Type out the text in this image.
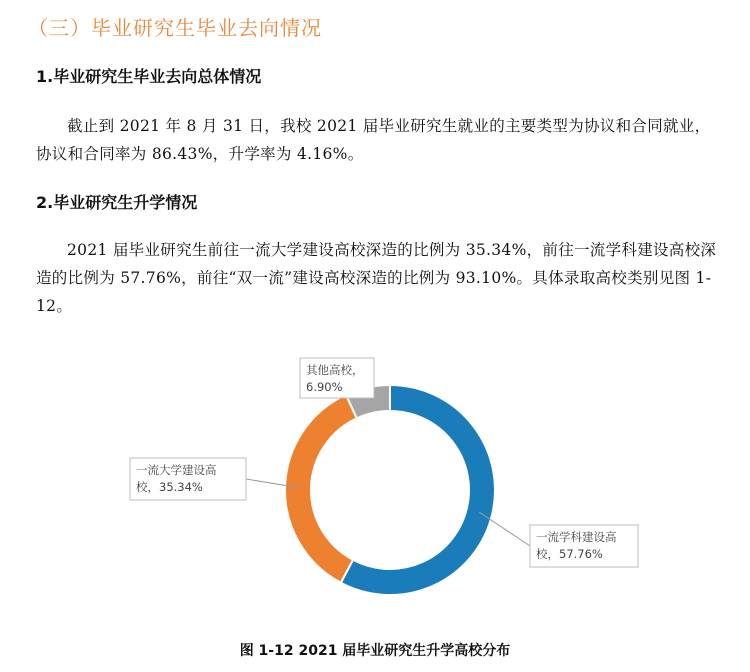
（三）毕业研究生毕业去向情况
1.毕业研究生毕业去向总体情况
截止到 2021 年 8 月 31 日，我校 2021 届毕业研究生就业的主要类型为协议和合同就业，协议和合同率为 86.43%，升学率为 4.16%。
2.毕业研究生升学情况
2021 届毕业研究生前往一流大学建设高校深造的比例为 35.34%，前往一流学科建设高校深造的比例为 57.76%，前往“双一流”建设高校深造的比例为 93.10%。具体录取高校类别见图 1-12。
一流学科建设高
校，57.76%
一流大学建设高
校，35.34%
其他高校，
6.90%
图 1-12 2021 届毕业研究生升学高校分布
